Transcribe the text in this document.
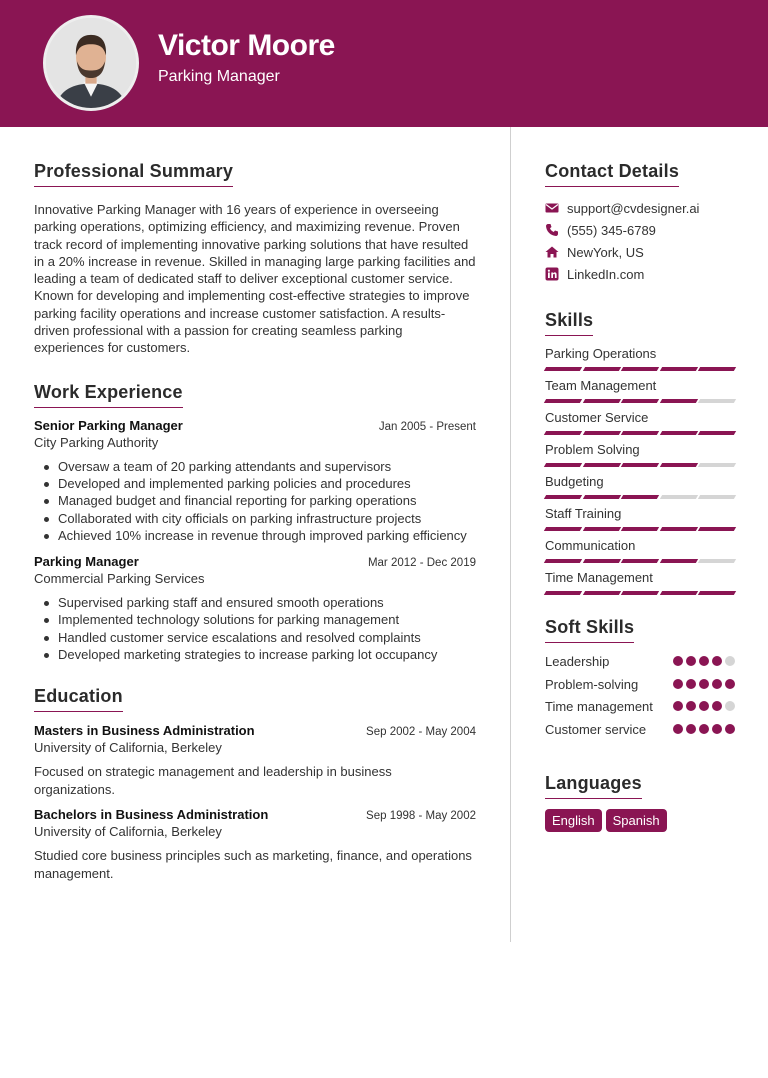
Victor Moore
Parking Manager
Professional Summary

Innovative Parking Manager with 16 years of experience in overseeing parking operations, optimizing efficiency, and maximizing revenue. Proven track record of implementing innovative parking solutions that have resulted in a 20% increase in revenue. Skilled in managing large parking facilities and leading a team of dedicated staff to deliver exceptional customer service. Known for developing and implementing cost-effective strategies to improve parking facility operations and increase customer satisfaction. A results-driven professional with a passion for creating seamless parking experiences for customers.

Work Experience
Senior Parking Manager	Jan 2005 - Present
City Parking Authority
Oversaw a team of 20 parking attendants and supervisors
Developed and implemented parking policies and procedures
Managed budget and financial reporting for parking operations
Collaborated with city officials on parking infrastructure projects
Achieved 10% increase in revenue through improved parking efficiency
Parking Manager	Mar 2012 - Dec 2019
Commercial Parking Services
Supervised parking staff and ensured smooth operations
Implemented technology solutions for parking management
Handled customer service escalations and resolved complaints
Developed marketing strategies to increase parking lot occupancy
Education
Masters in Business Administration	Sep 2002 - May 2004
University of California, Berkeley

Focused on strategic management and leadership in business organizations.

Bachelors in Business Administration	Sep 1998 - May 2002
University of California, Berkeley

Studied core business principles such as marketing, finance, and operations management.

Contact Details
support@cvdesigner.ai
(555) 345-6789
NewYork, US
LinkedIn.com
Skills
Parking Operations
Team Management
Customer Service
Problem Solving
Budgeting
Staff Training
Communication
Time Management
Soft Skills
Leadership
Problem-solving
Time management
Customer service
Languages
English	Spanish
